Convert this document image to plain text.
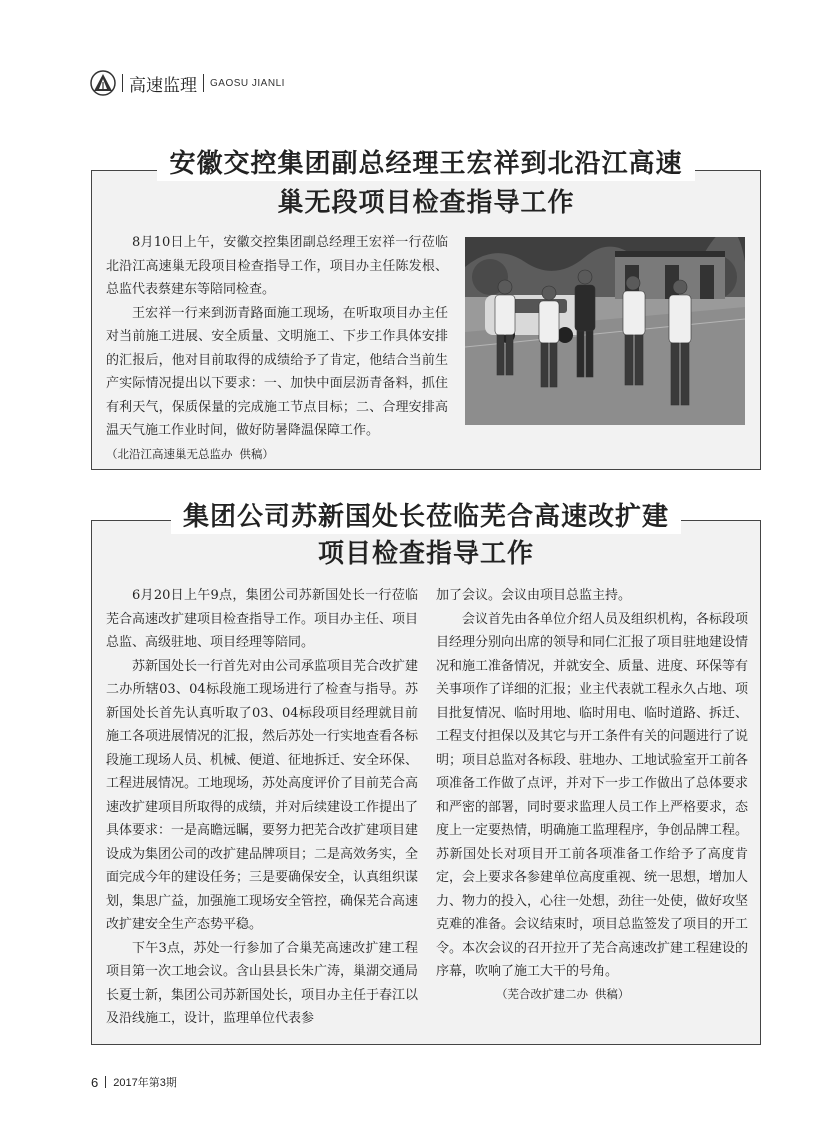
高速监理 GAOSU JIANLI
安徽交控集团副总经理王宏祥到北沿江高速
巢无段项目检查指导工作

8月10日上午，安徽交控集团副总经理王宏祥一行莅临北沿江高速巢无段项目检查指导工作，项目办主任陈发根、总监代表蔡建东等陪同检查。

王宏祥一行来到沥青路面施工现场，在听取项目办主任对当前施工进展、安全质量、文明施工、下步工作具体安排的汇报后，他对目前取得的成绩给予了肯定，他结合当前生产实际情况提出以下要求：一、加快中面层沥青备料，抓住有利天气，保质保量的完成施工节点目标；二、合理安排高温天气施工作业时间，做好防暑降温保障工作。

（北沿江高速巢无总监办 供稿）

集团公司苏新国处长莅临芜合高速改扩建
项目检查指导工作

6月20日上午9点，集团公司苏新国处长一行莅临芜合高速改扩建项目检查指导工作。项目办主任、项目总监、高级驻地、项目经理等陪同。

苏新国处长一行首先对由公司承监项目芜合改扩建二办所辖03、04标段施工现场进行了检查与指导。苏新国处长首先认真听取了03、04标段项目经理就目前施工各项进展情况的汇报，然后苏处一行实地查看各标段施工现场人员、机械、便道、征地拆迁、安全环保、工程进展情况。工地现场，苏处高度评价了目前芜合高速改扩建项目所取得的成绩，并对后续建设工作提出了具体要求：一是高瞻远瞩，要努力把芜合改扩建项目建设成为集团公司的改扩建品牌项目；二是高效务实，全面完成今年的建设任务；三是要确保安全，认真组织谋划，集思广益，加强施工现场安全管控，确保芜合高速改扩建安全生产态势平稳。

下午3点，苏处一行参加了合巢芜高速改扩建工程项目第一次工地会议。含山县县长朱广涛，巢湖交通局长夏士新，集团公司苏新国处长，项目办主任于春江以及沿线施工，设计，监理单位代表参

加了会议。会议由项目总监主持。

会议首先由各单位介绍人员及组织机构，各标段项目经理分别向出席的领导和同仁汇报了项目驻地建设情况和施工准备情况，并就安全、质量、进度、环保等有关事项作了详细的汇报；业主代表就工程永久占地、项目批复情况、临时用地、临时用电、临时道路、拆迁、工程支付担保以及其它与开工条件有关的问题进行了说明；项目总监对各标段、驻地办、工地试验室开工前各项准备工作做了点评，并对下一步工作做出了总体要求和严密的部署，同时要求监理人员工作上严格要求，态度上一定要热情，明确施工监理程序，争创品牌工程。苏新国处长对项目开工前各项准备工作给予了高度肯定，会上要求各参建单位高度重视、统一思想，增加人力、物力的投入，心往一处想，劲往一处使，做好攻坚克难的准备。会议结束时，项目总监签发了项目的开工令。本次会议的召开拉开了芜合高速改扩建工程建设的序幕，吹响了施工大干的号角。

（芜合改扩建二办 供稿）
6 2017年第3期
